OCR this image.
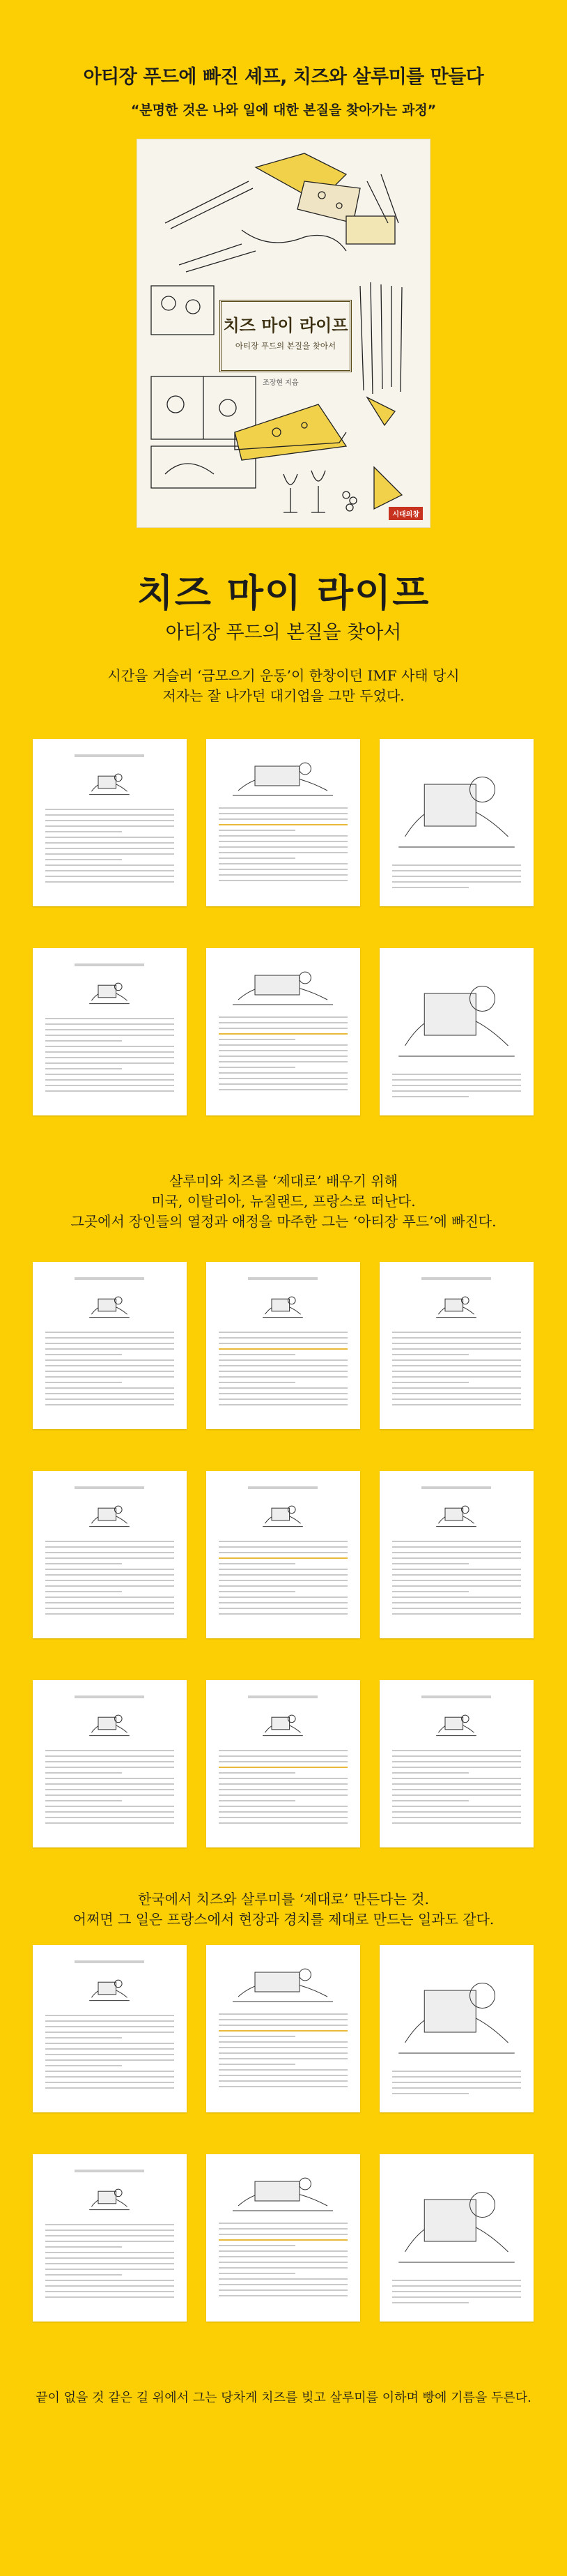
아티장 푸드에 빠진 셰프, 치즈와 살루미를 만들다
“분명한 것은 나와 일에 대한 본질을 찾아가는 과정”
치즈 마이 라이프
아티장 푸드의 본질을 찾아서
조장현 지음
시대의창
치즈 마이 라이프
아티장 푸드의 본질을 찾아서
시간을 거슬러 ‘금모으기 운동’이 한창이던 IMF 사태 당시
저자는 잘 나가던 대기업을 그만 두었다.
살루미와 치즈를 ‘제대로’ 배우기 위해
미국, 이탈리아, 뉴질랜드, 프랑스로 떠난다.
그곳에서 장인들의 열정과 애정을 마주한 그는 ‘아티장 푸드’에 빠진다.
한국에서 치즈와 살루미를 ‘제대로’ 만든다는 것.
어쩌면 그 일은 프랑스에서 현장과 경치를 제대로 만드는 일과도 같다.
끝이 없을 것 같은 길 위에서 그는 당차게 치즈를 빚고 살루미를 이하며 빵에 기름을 두른다.
